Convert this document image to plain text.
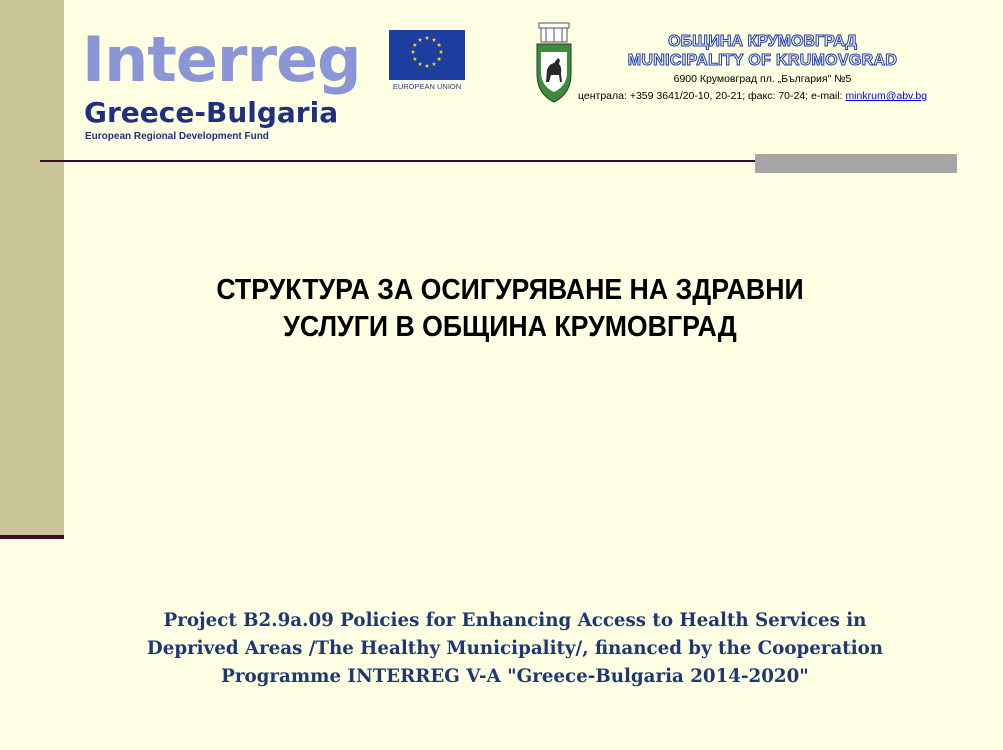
Interreg
Greece-Bulgaria
European Regional Development Fund
EUROPEAN UNION
ОБЩИНА КРУМОВГРАД
MUNICIPALITY OF KRUMOVGRAD
6900 Крумовград пл. „България" №5
централа: +359 3641/20-10, 20-21; факс: 70-24; e-mail: minkrum@abv.bg
СТРУКТУРА ЗА ОСИГУРЯВАНЕ НА ЗДРАВНИ
УСЛУГИ В ОБЩИНА КРУМОВГРАД
Project B2.9a.09 Policies for Enhancing Access to Health Services in
Deprived Areas /The Healthy Municipality/, financed by the Cooperation
Programme INTERREG V-A "Greece-Bulgaria 2014-2020"
